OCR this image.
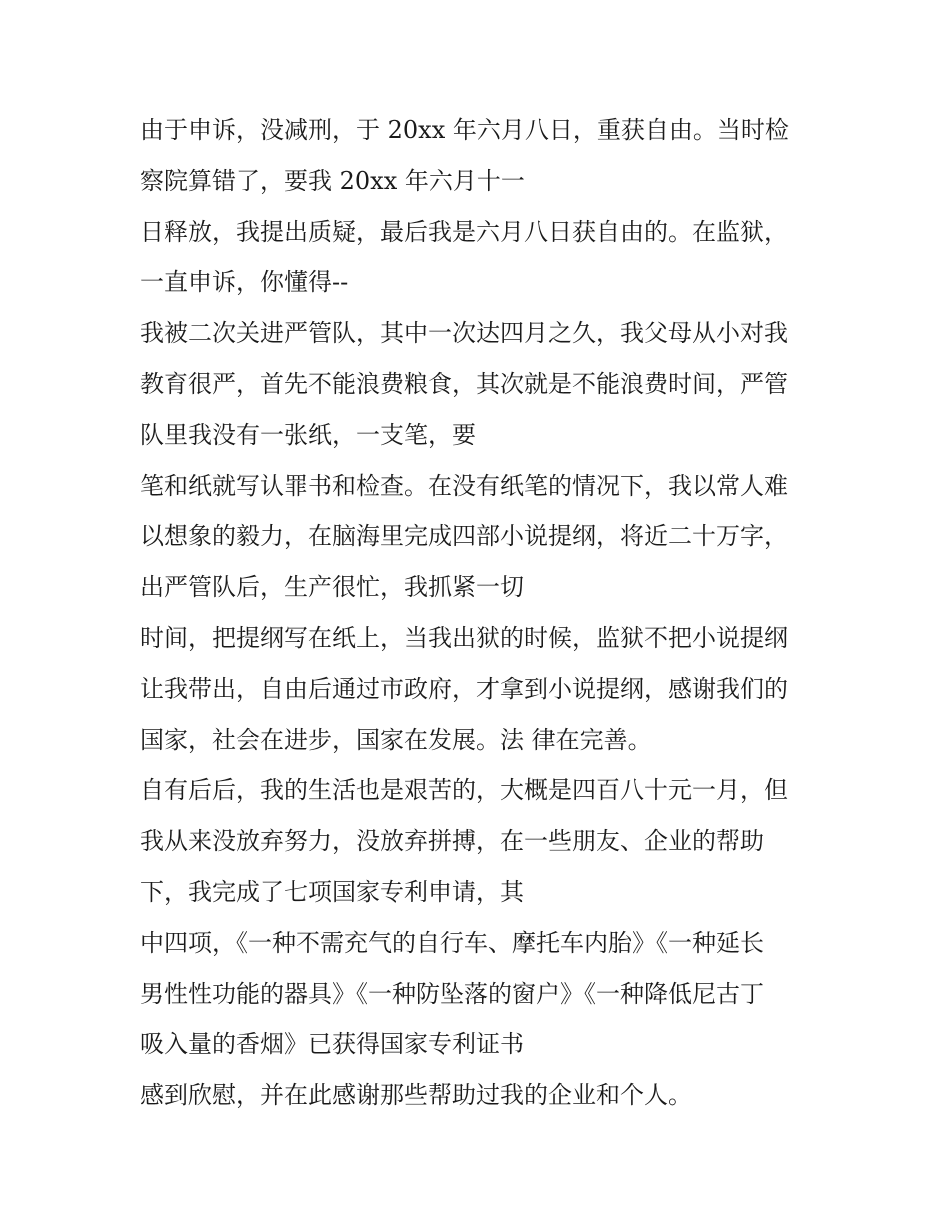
由于申诉，没减刑，于 20xx 年六月八日，重获自由。当时检
察院算错了，要我 20xx 年六月十一
日释放，我提出质疑，最后我是六月八日获自由的。在监狱，
一直申诉，你懂得--
我被二次关进严管队，其中一次达四月之久，我父母从小对我
教育很严，首先不能浪费粮食，其次就是不能浪费时间，严管
队里我没有一张纸，一支笔，要
笔和纸就写认罪书和检查。在没有纸笔的情况下，我以常人难
以想象的毅力，在脑海里完成四部小说提纲，将近二十万字，
出严管队后，生产很忙，我抓紧一切
时间，把提纲写在纸上，当我出狱的时候，监狱不把小说提纲
让我带出，自由后通过市政府，才拿到小说提纲，感谢我们的
国家，社会在进步，国家在发展。法 律在完善。
自有后后，我的生活也是艰苦的，大概是四百八十元一月，但
我从来没放弃努力，没放弃拼搏，在一些朋友、企业的帮助
下，我完成了七项国家专利申请，其
中四项，《一种不需充气的自行车、摩托车内胎》《一种延长
男性性功能的器具》《一种防坠落的窗户》《一种降低尼古丁
吸入量的香烟》已获得国家专利证书
感到欣慰，并在此感谢那些帮助过我的企业和个人。
